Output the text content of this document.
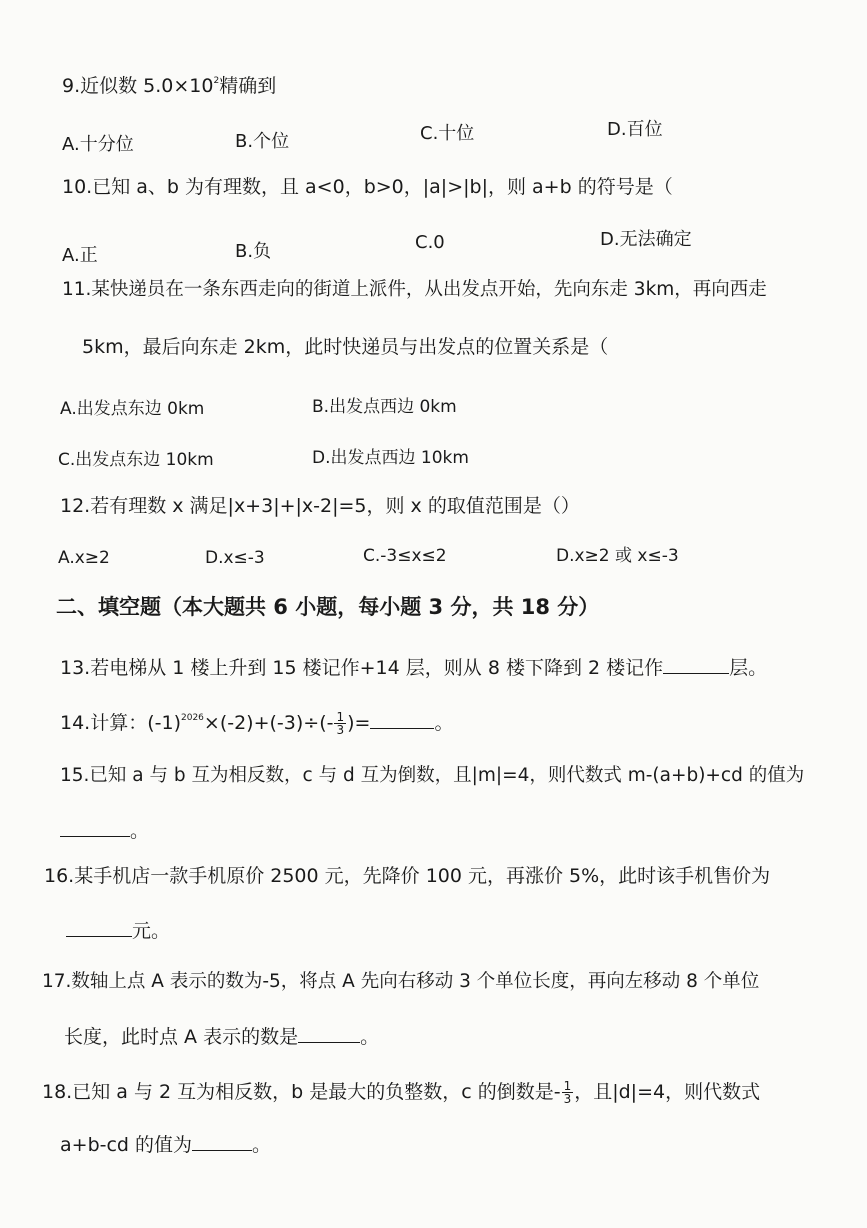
9.近似数 $5.0\times 10^2$精确到
A.十分位	B.个位	C.十位	D.百位
10.已知 a、b 为有理数，且 a<0，b>0，|a|>|b|，则 a+b 的符号是（
A.正	B.负	C.0	D.无法确定
11.某快递员在一条东西走向的街道上派件，从出发点开始，先向东走 3km，再向西走
5km，最后向东走 2km，此时快递员与出发点的位置关系是（
A.出发点东边 0km	B.出发点西边 0km
C.出发点东边 10km	D.出发点西边 10km
12.若有理数 x 满足|x+3|+|x-2|=5，则 x 的取值范围是（）
A.x≥2	D.x≤-3	C.-3≤x≤2	D.x≥2 或 x≤-3
二、填空题（本大题共 6 小题，每小题 3 分，共 18 分）
13.若电梯从 1 楼上升到 15 楼记作+14 层，则从 8 楼下降到 2 楼记作	层。
14.计算：$(-1)^{2026}\times(-2)+(-3)\div(- \frac{1}{3}$ )=	。
15.已知 a 与 b 互为相反数，c 与 d 互为倒数，且|m|=4，则代数式 m-(a+b)+cd 的值为
。
16.某手机店一款手机原价 2500 元，先降价 100 元，再涨价 5%，此时该手机售价为
元。
17.数轴上点 A 表示的数为-5，将点 A 先向右移动 3 个单位长度，再向左移动 8 个单位
长度，此时点 A 表示的数是	。
18.已知 a 与 2 互为相反数，b 是最大的负整数，c 的倒数是- $\frac{1}{3}$ ，且|d|=4，则代数式
a+b-cd 的值为	。
